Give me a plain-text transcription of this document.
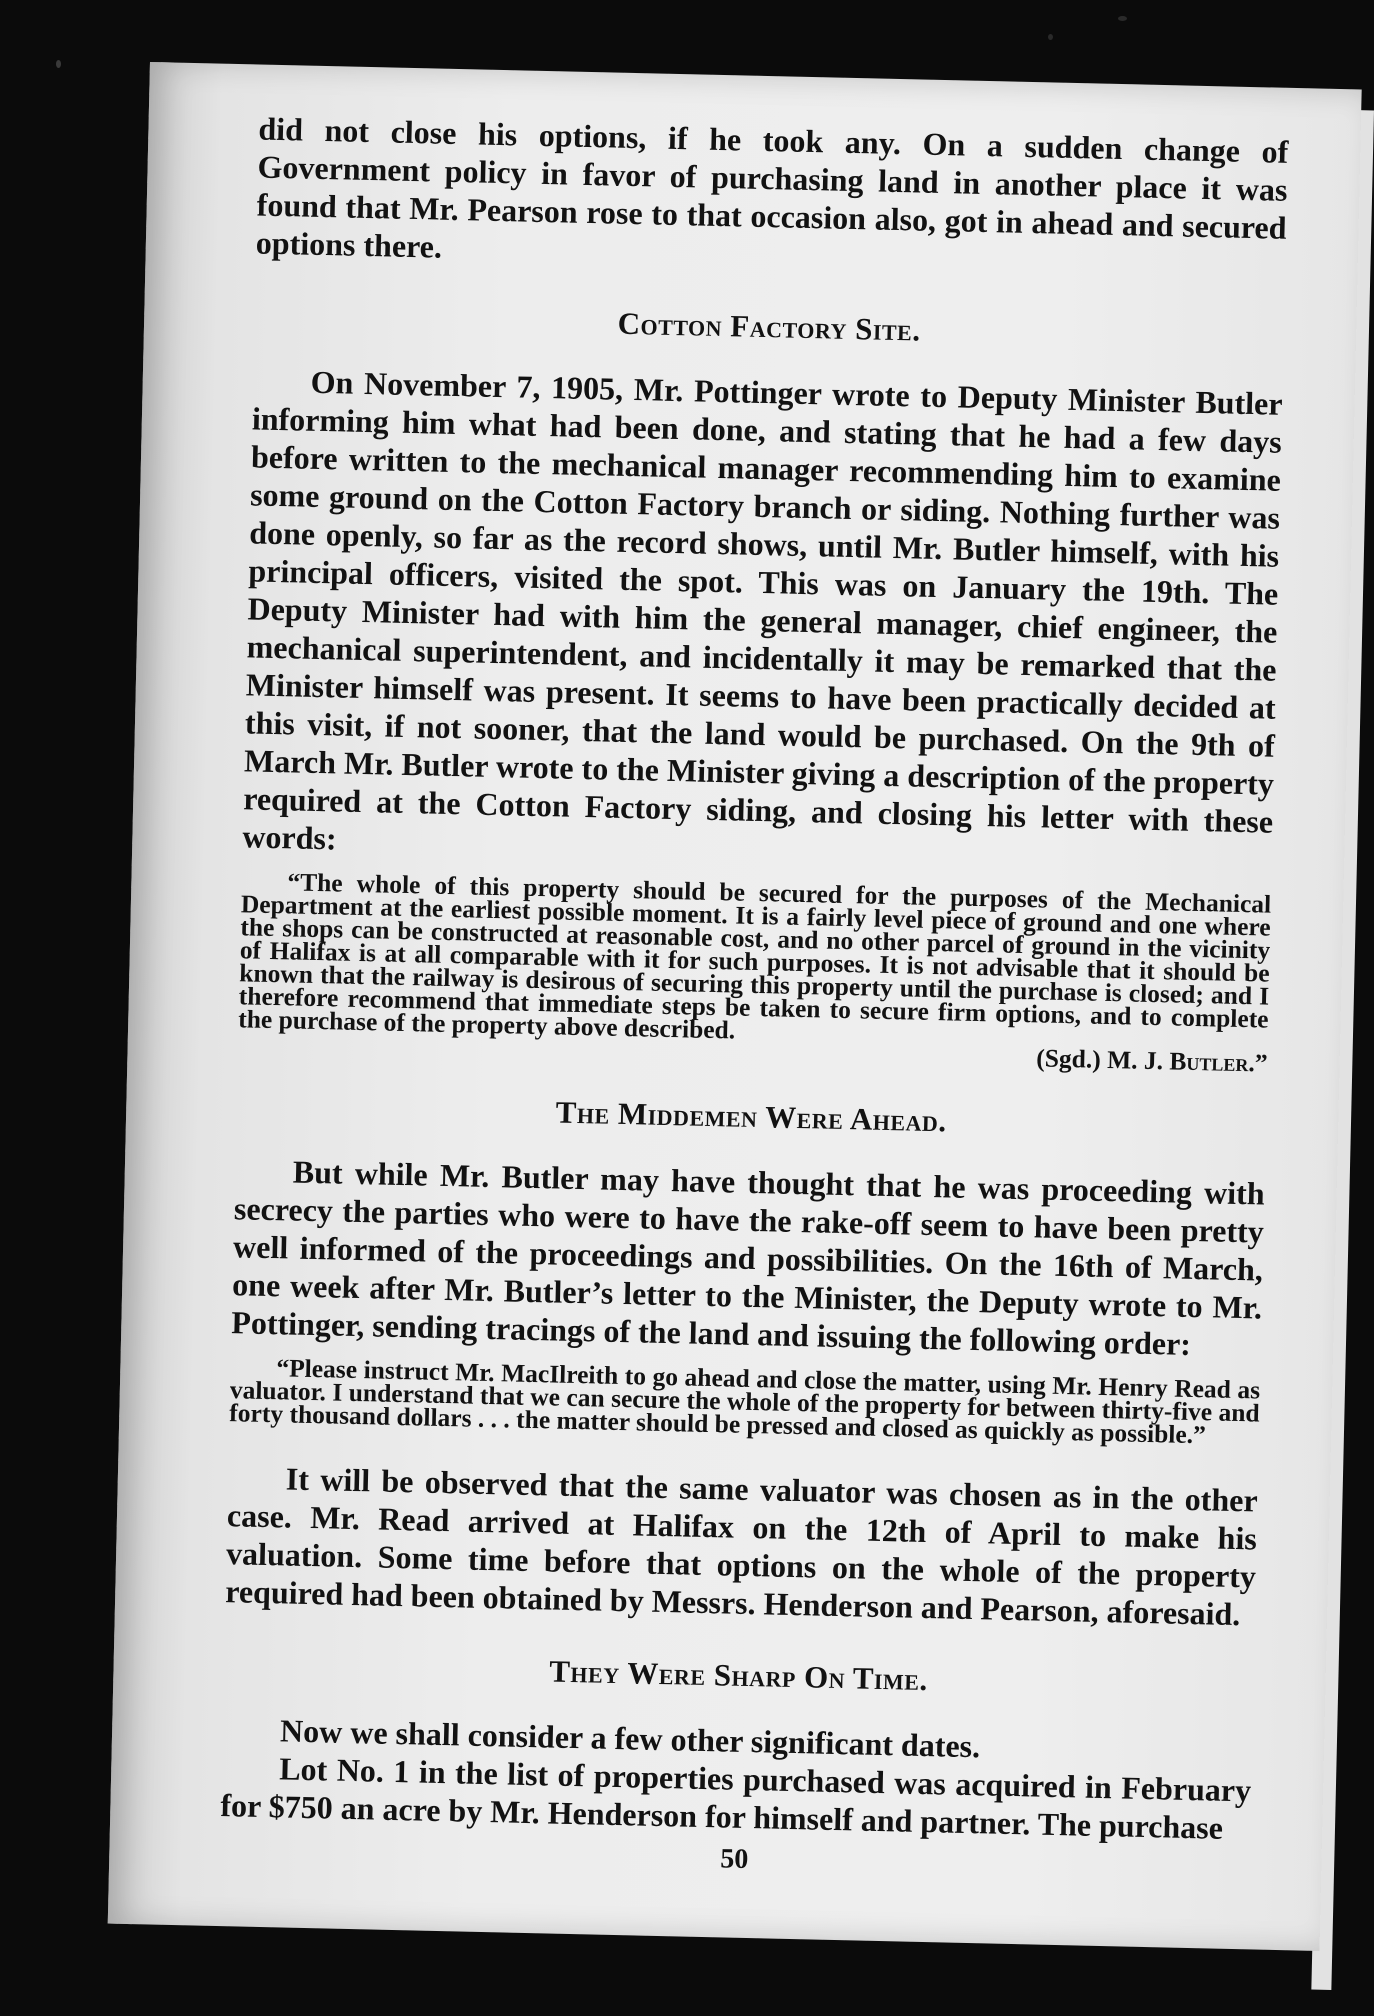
did not close his options, if he took any. On a sudden change of Government policy in favor of purchasing land in another place it was found that Mr. Pearson rose to that occasion also, got in ahead and secured options there.

Cotton Factory Site.

On November 7, 1905, Mr. Pottinger wrote to Deputy Minister Butler informing him what had been done, and stating that he had a few days before written to the mechanical manager recommending him to examine some ground on the Cotton Factory branch or siding. Nothing further was done openly, so far as the record shows, until Mr. Butler himself, with his principal officers, visited the spot. This was on January the 19th. The Deputy Minister had with him the general manager, chief engineer, the mechanical superintendent, and incidentally it may be remarked that the Minister himself was present. It seems to have been practically decided at this visit, if not sooner, that the land would be purchased. On the 9th of March Mr. Butler wrote to the Minister giving a description of the property required at the Cotton Factory siding, and closing his letter with these words:

“The whole of this property should be secured for the purposes of the Mechanical Department at the earliest possible moment. It is a fairly level piece of ground and one where the shops can be constructed at reasonable cost, and no other parcel of ground in the vicinity of Halifax is at all comparable with it for such purposes. It is not advisable that it should be known that the railway is desirous of securing this property until the purchase is closed; and I therefore recommend that immediate steps be taken to secure firm options, and to complete the purchase of the property above described.

(Sgd.) M. J. Butler.”

The Middemen Were Ahead.

But while Mr. Butler may have thought that he was proceeding with secrecy the parties who were to have the rake-off seem to have been pretty well informed of the proceedings and possibilities. On the 16th of March, one week after Mr. Butler’s letter to the Minister, the Deputy wrote to Mr. Pottinger, sending tracings of the land and issuing the following order:

“Please instruct Mr. MacIlreith to go ahead and close the matter, using Mr. Henry Read as valuator. I understand that we can secure the whole of the property for between thirty-five and forty thousand dollars . . . the matter should be pressed and closed as quickly as possible.”

It will be observed that the same valuator was chosen as in the other case. Mr. Read arrived at Halifax on the 12th of April to make his valuation. Some time before that options on the whole of the property required had been obtained by Messrs. Henderson and Pearson, aforesaid.

They Were Sharp On Time.

Now we shall consider a few other significant dates.

Lot No. 1 in the list of properties purchased was acquired in February for $750 an acre by Mr. Henderson for himself and partner. The purchase

50
